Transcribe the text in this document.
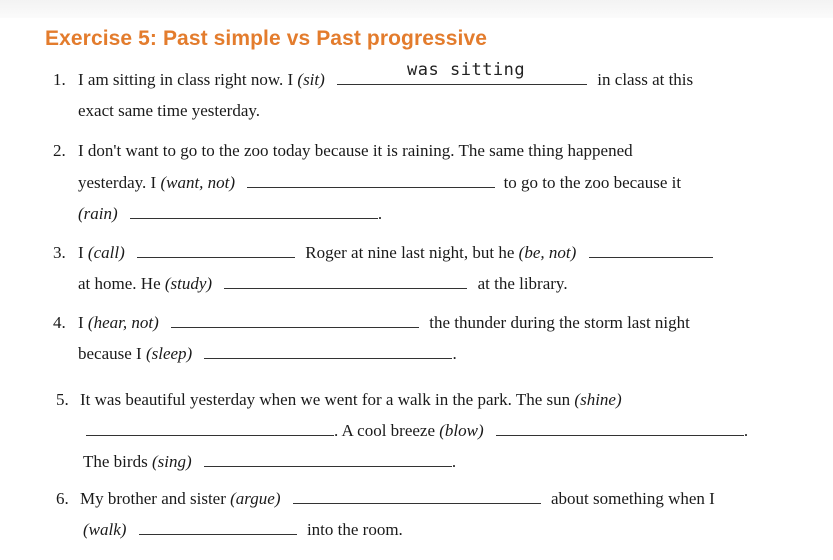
Exercise 5: Past simple vs Past progressive
1. I am sitting in class right now. I (sit)	was sitting	in class at this
exact same time yesterday.
2. I don't want to go to the zoo today because it is raining. The same thing happened
yesterday. I (want, not)	to go to the zoo because it
(rain)	.
3. I (call)	Roger at nine last night, but he (be, not)
at home. He (study)	at the library.
4. I (hear, not)	the thunder during the storm last night
because I (sleep)	.
5. It was beautiful yesterday when we went for a walk in the park. The sun (shine)
. A cool breeze (blow)	.
The birds (sing)	.
6. My brother and sister (argue)	about something when I
(walk)	into the room.
